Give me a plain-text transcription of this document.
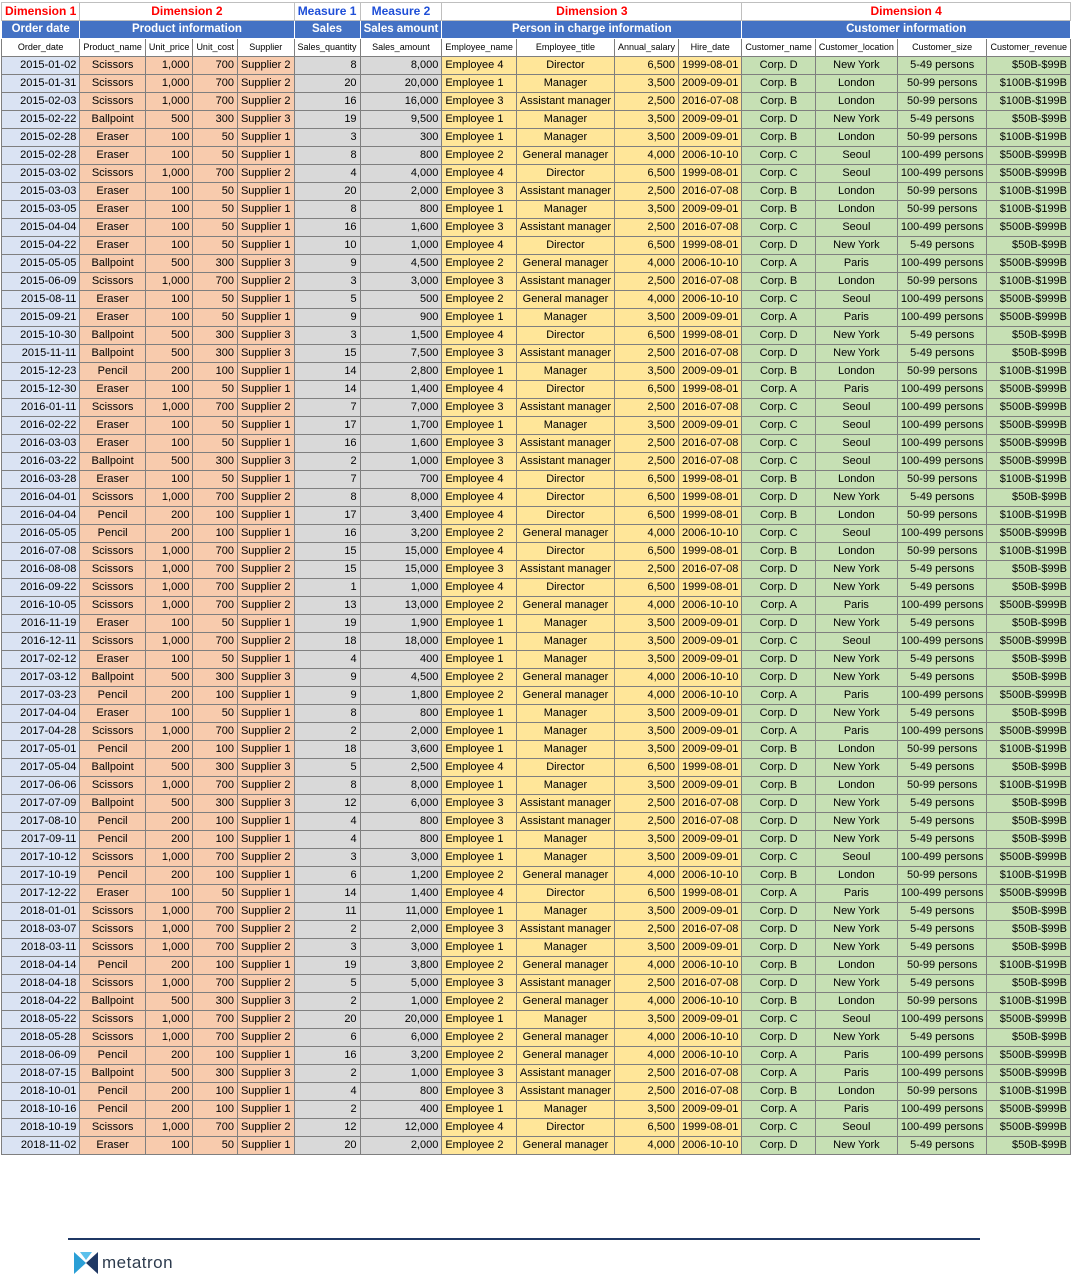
Dimension 1	Dimension 2				Measure 1	Measure 2	Dimension 3				Dimension 4			
Order date	Product information				Sales	Sales amount	Person in charge information				Customer information			
Order_date	Product_name	Unit_price	Unit_cost	Supplier	Sales_quantity	Sales_amount	Employee_name	Employee_title	Annual_salary	Hire_date	Customer_name	Customer_location	Customer_size	Customer_revenue
2015-01-02	Scissors	1,000	700	Supplier 2	8	8,000	Employee 4	Director	6,500	1999-08-01	Corp. D	New York	5-49 persons	$50B-$99B
2015-01-31	Scissors	1,000	700	Supplier 2	20	20,000	Employee 1	Manager	3,500	2009-09-01	Corp. B	London	50-99 persons	$100B-$199B
2015-02-03	Scissors	1,000	700	Supplier 2	16	16,000	Employee 3	Assistant manager	2,500	2016-07-08	Corp. B	London	50-99 persons	$100B-$199B
2015-02-22	Ballpoint	500	300	Supplier 3	19	9,500	Employee 1	Manager	3,500	2009-09-01	Corp. D	New York	5-49 persons	$50B-$99B
2015-02-28	Eraser	100	50	Supplier 1	3	300	Employee 1	Manager	3,500	2009-09-01	Corp. B	London	50-99 persons	$100B-$199B
2015-02-28	Eraser	100	50	Supplier 1	8	800	Employee 2	General manager	4,000	2006-10-10	Corp. C	Seoul	100-499 persons	$500B-$999B
2015-03-02	Scissors	1,000	700	Supplier 2	4	4,000	Employee 4	Director	6,500	1999-08-01	Corp. C	Seoul	100-499 persons	$500B-$999B
2015-03-03	Eraser	100	50	Supplier 1	20	2,000	Employee 3	Assistant manager	2,500	2016-07-08	Corp. B	London	50-99 persons	$100B-$199B
2015-03-05	Eraser	100	50	Supplier 1	8	800	Employee 1	Manager	3,500	2009-09-01	Corp. B	London	50-99 persons	$100B-$199B
2015-04-04	Eraser	100	50	Supplier 1	16	1,600	Employee 3	Assistant manager	2,500	2016-07-08	Corp. C	Seoul	100-499 persons	$500B-$999B
2015-04-22	Eraser	100	50	Supplier 1	10	1,000	Employee 4	Director	6,500	1999-08-01	Corp. D	New York	5-49 persons	$50B-$99B
2015-05-05	Ballpoint	500	300	Supplier 3	9	4,500	Employee 2	General manager	4,000	2006-10-10	Corp. A	Paris	100-499 persons	$500B-$999B
2015-06-09	Scissors	1,000	700	Supplier 2	3	3,000	Employee 3	Assistant manager	2,500	2016-07-08	Corp. B	London	50-99 persons	$100B-$199B
2015-08-11	Eraser	100	50	Supplier 1	5	500	Employee 2	General manager	4,000	2006-10-10	Corp. C	Seoul	100-499 persons	$500B-$999B
2015-09-21	Eraser	100	50	Supplier 1	9	900	Employee 1	Manager	3,500	2009-09-01	Corp. A	Paris	100-499 persons	$500B-$999B
2015-10-30	Ballpoint	500	300	Supplier 3	3	1,500	Employee 4	Director	6,500	1999-08-01	Corp. D	New York	5-49 persons	$50B-$99B
2015-11-11	Ballpoint	500	300	Supplier 3	15	7,500	Employee 3	Assistant manager	2,500	2016-07-08	Corp. D	New York	5-49 persons	$50B-$99B
2015-12-23	Pencil	200	100	Supplier 1	14	2,800	Employee 1	Manager	3,500	2009-09-01	Corp. B	London	50-99 persons	$100B-$199B
2015-12-30	Eraser	100	50	Supplier 1	14	1,400	Employee 4	Director	6,500	1999-08-01	Corp. A	Paris	100-499 persons	$500B-$999B
2016-01-11	Scissors	1,000	700	Supplier 2	7	7,000	Employee 3	Assistant manager	2,500	2016-07-08	Corp. C	Seoul	100-499 persons	$500B-$999B
2016-02-22	Eraser	100	50	Supplier 1	17	1,700	Employee 1	Manager	3,500	2009-09-01	Corp. C	Seoul	100-499 persons	$500B-$999B
2016-03-03	Eraser	100	50	Supplier 1	16	1,600	Employee 3	Assistant manager	2,500	2016-07-08	Corp. C	Seoul	100-499 persons	$500B-$999B
2016-03-22	Ballpoint	500	300	Supplier 3	2	1,000	Employee 3	Assistant manager	2,500	2016-07-08	Corp. C	Seoul	100-499 persons	$500B-$999B
2016-03-28	Eraser	100	50	Supplier 1	7	700	Employee 4	Director	6,500	1999-08-01	Corp. B	London	50-99 persons	$100B-$199B
2016-04-01	Scissors	1,000	700	Supplier 2	8	8,000	Employee 4	Director	6,500	1999-08-01	Corp. D	New York	5-49 persons	$50B-$99B
2016-04-04	Pencil	200	100	Supplier 1	17	3,400	Employee 4	Director	6,500	1999-08-01	Corp. B	London	50-99 persons	$100B-$199B
2016-05-05	Pencil	200	100	Supplier 1	16	3,200	Employee 2	General manager	4,000	2006-10-10	Corp. C	Seoul	100-499 persons	$500B-$999B
2016-07-08	Scissors	1,000	700	Supplier 2	15	15,000	Employee 4	Director	6,500	1999-08-01	Corp. B	London	50-99 persons	$100B-$199B
2016-08-08	Scissors	1,000	700	Supplier 2	15	15,000	Employee 3	Assistant manager	2,500	2016-07-08	Corp. D	New York	5-49 persons	$50B-$99B
2016-09-22	Scissors	1,000	700	Supplier 2	1	1,000	Employee 4	Director	6,500	1999-08-01	Corp. D	New York	5-49 persons	$50B-$99B
2016-10-05	Scissors	1,000	700	Supplier 2	13	13,000	Employee 2	General manager	4,000	2006-10-10	Corp. A	Paris	100-499 persons	$500B-$999B
2016-11-19	Eraser	100	50	Supplier 1	19	1,900	Employee 1	Manager	3,500	2009-09-01	Corp. D	New York	5-49 persons	$50B-$99B
2016-12-11	Scissors	1,000	700	Supplier 2	18	18,000	Employee 1	Manager	3,500	2009-09-01	Corp. C	Seoul	100-499 persons	$500B-$999B
2017-02-12	Eraser	100	50	Supplier 1	4	400	Employee 1	Manager	3,500	2009-09-01	Corp. D	New York	5-49 persons	$50B-$99B
2017-03-12	Ballpoint	500	300	Supplier 3	9	4,500	Employee 2	General manager	4,000	2006-10-10	Corp. D	New York	5-49 persons	$50B-$99B
2017-03-23	Pencil	200	100	Supplier 1	9	1,800	Employee 2	General manager	4,000	2006-10-10	Corp. A	Paris	100-499 persons	$500B-$999B
2017-04-04	Eraser	100	50	Supplier 1	8	800	Employee 1	Manager	3,500	2009-09-01	Corp. D	New York	5-49 persons	$50B-$99B
2017-04-28	Scissors	1,000	700	Supplier 2	2	2,000	Employee 1	Manager	3,500	2009-09-01	Corp. A	Paris	100-499 persons	$500B-$999B
2017-05-01	Pencil	200	100	Supplier 1	18	3,600	Employee 1	Manager	3,500	2009-09-01	Corp. B	London	50-99 persons	$100B-$199B
2017-05-04	Ballpoint	500	300	Supplier 3	5	2,500	Employee 4	Director	6,500	1999-08-01	Corp. D	New York	5-49 persons	$50B-$99B
2017-06-06	Scissors	1,000	700	Supplier 2	8	8,000	Employee 1	Manager	3,500	2009-09-01	Corp. B	London	50-99 persons	$100B-$199B
2017-07-09	Ballpoint	500	300	Supplier 3	12	6,000	Employee 3	Assistant manager	2,500	2016-07-08	Corp. D	New York	5-49 persons	$50B-$99B
2017-08-10	Pencil	200	100	Supplier 1	4	800	Employee 3	Assistant manager	2,500	2016-07-08	Corp. D	New York	5-49 persons	$50B-$99B
2017-09-11	Pencil	200	100	Supplier 1	4	800	Employee 1	Manager	3,500	2009-09-01	Corp. D	New York	5-49 persons	$50B-$99B
2017-10-12	Scissors	1,000	700	Supplier 2	3	3,000	Employee 1	Manager	3,500	2009-09-01	Corp. C	Seoul	100-499 persons	$500B-$999B
2017-10-19	Pencil	200	100	Supplier 1	6	1,200	Employee 2	General manager	4,000	2006-10-10	Corp. B	London	50-99 persons	$100B-$199B
2017-12-22	Eraser	100	50	Supplier 1	14	1,400	Employee 4	Director	6,500	1999-08-01	Corp. A	Paris	100-499 persons	$500B-$999B
2018-01-01	Scissors	1,000	700	Supplier 2	11	11,000	Employee 1	Manager	3,500	2009-09-01	Corp. D	New York	5-49 persons	$50B-$99B
2018-03-07	Scissors	1,000	700	Supplier 2	2	2,000	Employee 3	Assistant manager	2,500	2016-07-08	Corp. D	New York	5-49 persons	$50B-$99B
2018-03-11	Scissors	1,000	700	Supplier 2	3	3,000	Employee 1	Manager	3,500	2009-09-01	Corp. D	New York	5-49 persons	$50B-$99B
2018-04-14	Pencil	200	100	Supplier 1	19	3,800	Employee 2	General manager	4,000	2006-10-10	Corp. B	London	50-99 persons	$100B-$199B
2018-04-18	Scissors	1,000	700	Supplier 2	5	5,000	Employee 3	Assistant manager	2,500	2016-07-08	Corp. D	New York	5-49 persons	$50B-$99B
2018-04-22	Ballpoint	500	300	Supplier 3	2	1,000	Employee 2	General manager	4,000	2006-10-10	Corp. B	London	50-99 persons	$100B-$199B
2018-05-22	Scissors	1,000	700	Supplier 2	20	20,000	Employee 1	Manager	3,500	2009-09-01	Corp. C	Seoul	100-499 persons	$500B-$999B
2018-05-28	Scissors	1,000	700	Supplier 2	6	6,000	Employee 2	General manager	4,000	2006-10-10	Corp. D	New York	5-49 persons	$50B-$99B
2018-06-09	Pencil	200	100	Supplier 1	16	3,200	Employee 2	General manager	4,000	2006-10-10	Corp. A	Paris	100-499 persons	$500B-$999B
2018-07-15	Ballpoint	500	300	Supplier 3	2	1,000	Employee 3	Assistant manager	2,500	2016-07-08	Corp. A	Paris	100-499 persons	$500B-$999B
2018-10-01	Pencil	200	100	Supplier 1	4	800	Employee 3	Assistant manager	2,500	2016-07-08	Corp. B	London	50-99 persons	$100B-$199B
2018-10-16	Pencil	200	100	Supplier 1	2	400	Employee 1	Manager	3,500	2009-09-01	Corp. A	Paris	100-499 persons	$500B-$999B
2018-10-19	Scissors	1,000	700	Supplier 2	12	12,000	Employee 4	Director	6,500	1999-08-01	Corp. C	Seoul	100-499 persons	$500B-$999B
2018-11-02	Eraser	100	50	Supplier 1	20	2,000	Employee 2	General manager	4,000	2006-10-10	Corp. D	New York	5-49 persons	$50B-$99B
metatron
